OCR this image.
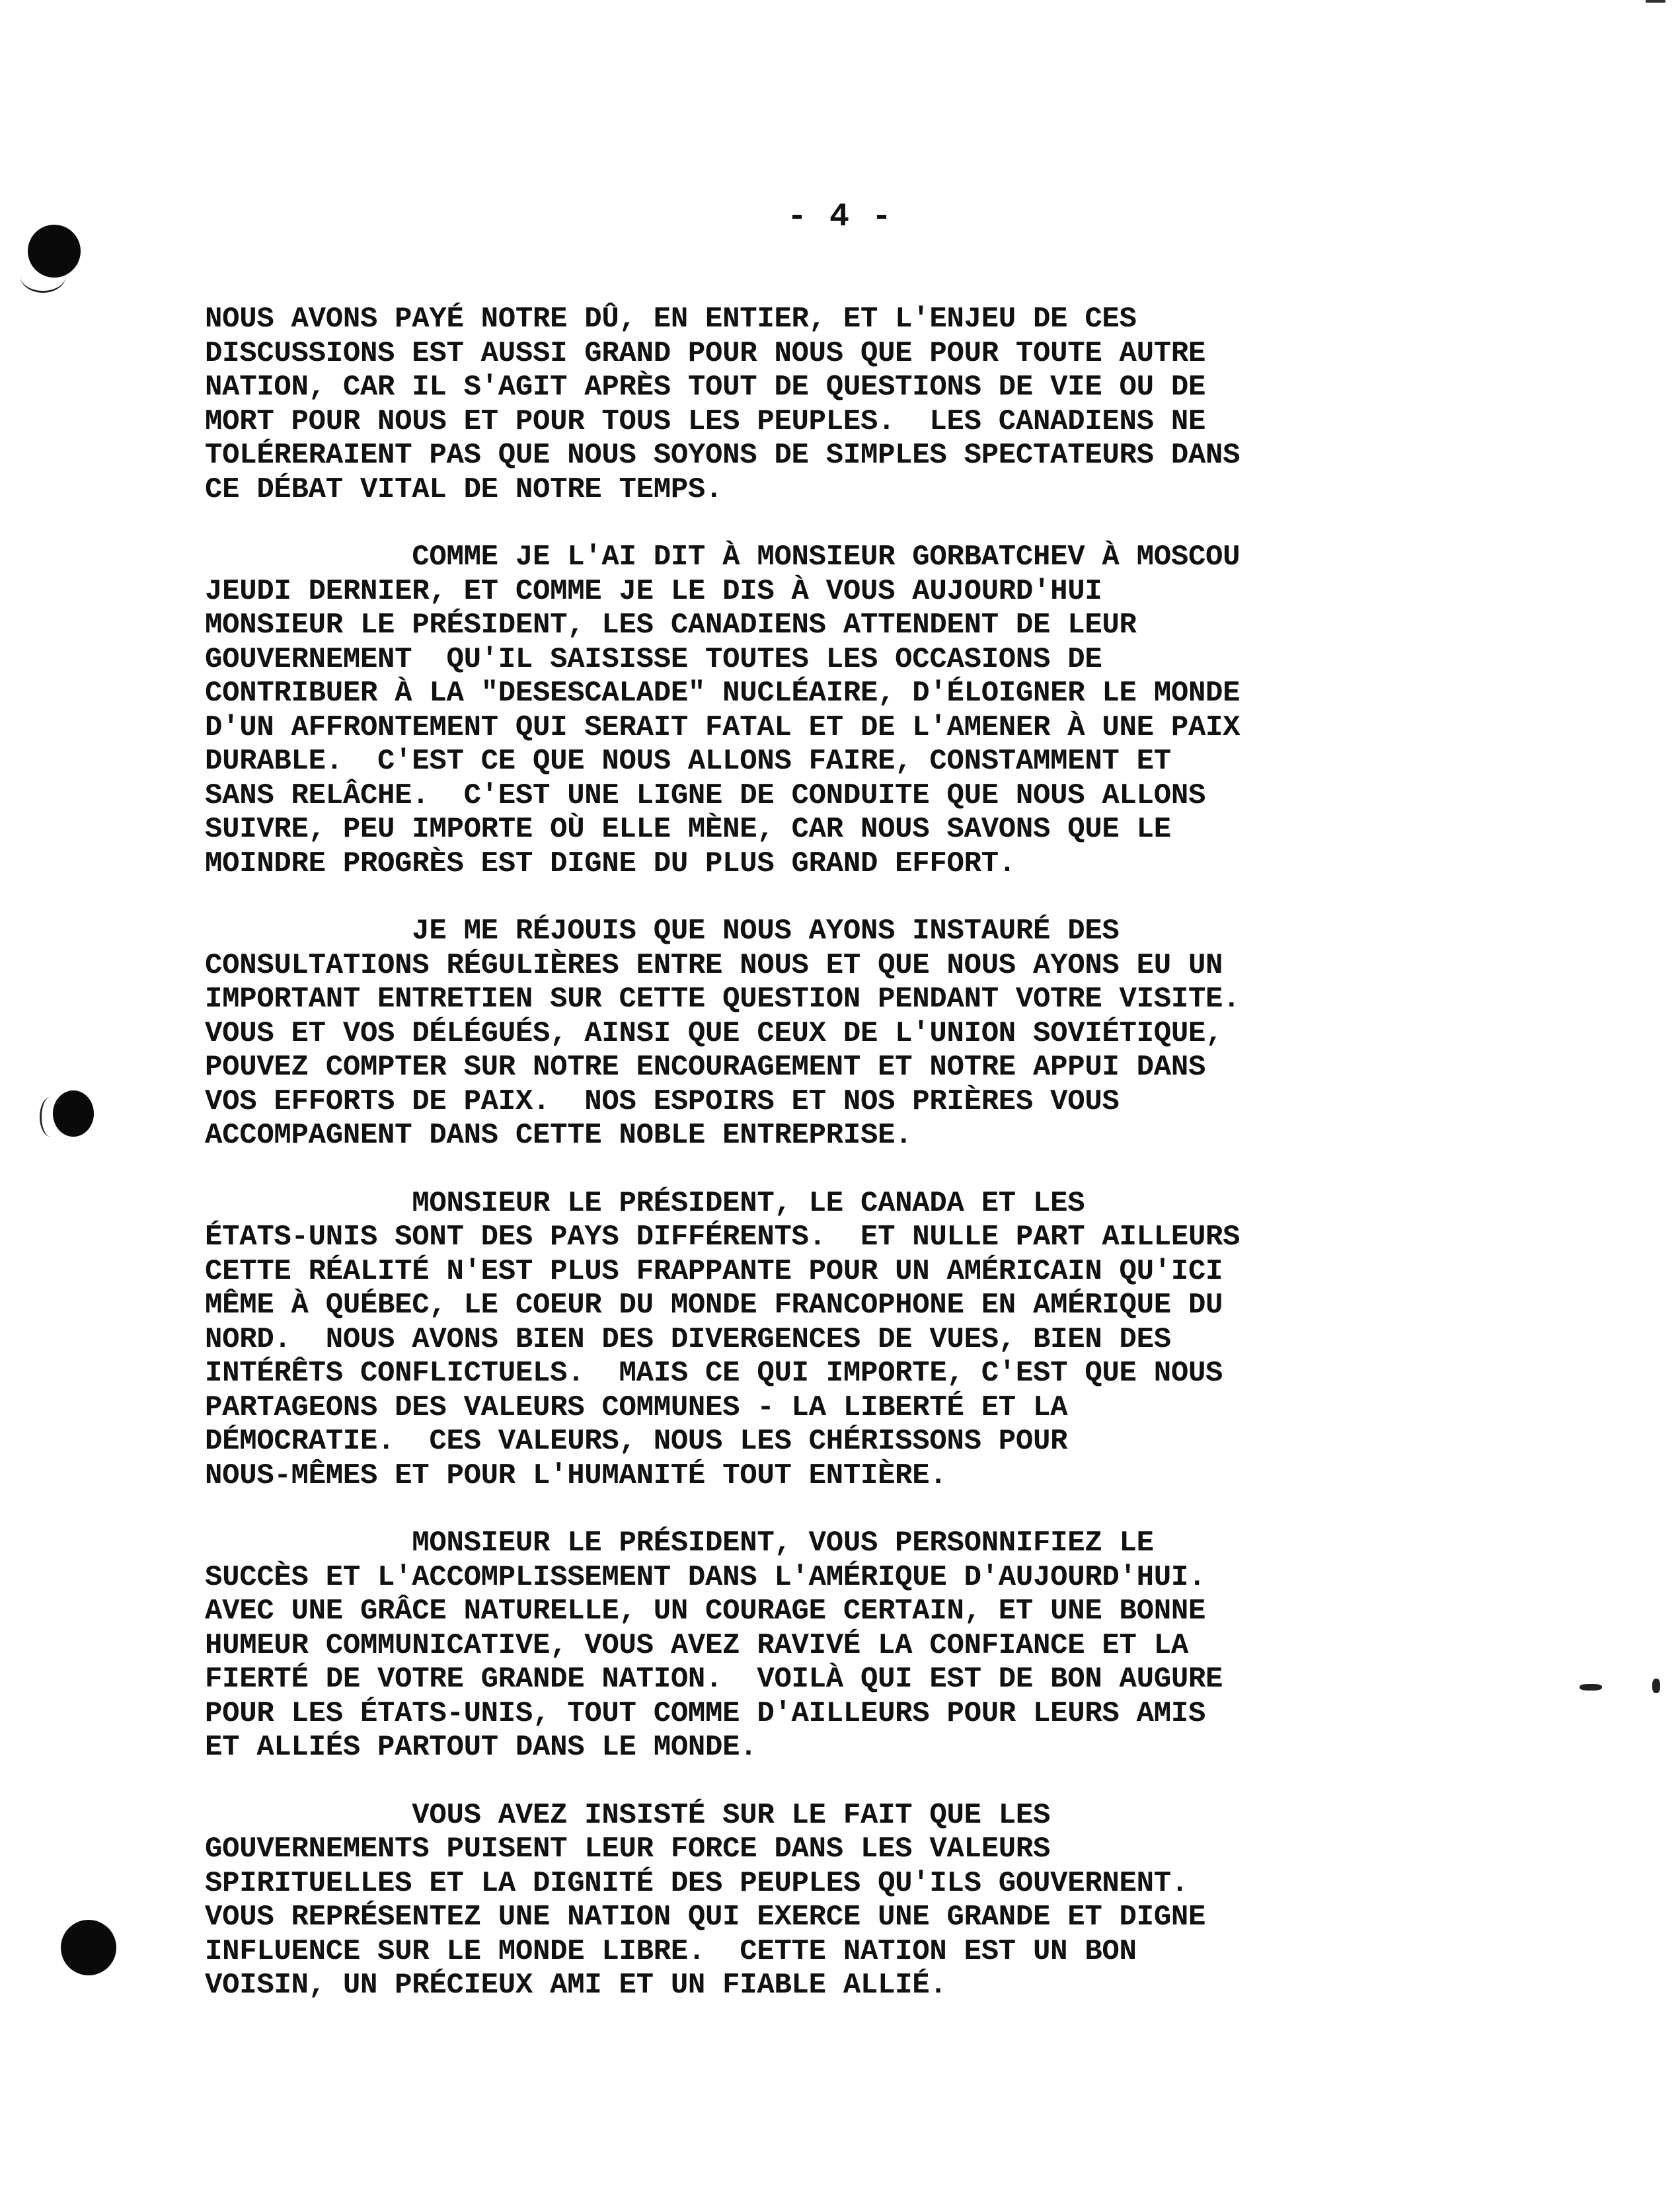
- 4 -
NOUS AVONS PAYÉ NOTRE DÛ, EN ENTIER, ET L'ENJEU DE CES
DISCUSSIONS EST AUSSI GRAND POUR NOUS QUE POUR TOUTE AUTRE
NATION, CAR IL S'AGIT APRÈS TOUT DE QUESTIONS DE VIE OU DE
MORT POUR NOUS ET POUR TOUS LES PEUPLES.  LES CANADIENS NE
TOLÉRERAIENT PAS QUE NOUS SOYONS DE SIMPLES SPECTATEURS DANS
CE DÉBAT VITAL DE NOTRE TEMPS.
COMME JE L'AI DIT À MONSIEUR GORBATCHEV À MOSCOU
JEUDI DERNIER, ET COMME JE LE DIS À VOUS AUJOURD'HUI
MONSIEUR LE PRÉSIDENT, LES CANADIENS ATTENDENT DE LEUR
GOUVERNEMENT  QU'IL SAISISSE TOUTES LES OCCASIONS DE
CONTRIBUER À LA "DESESCALADE" NUCLÉAIRE, D'ÉLOIGNER LE MONDE
D'UN AFFRONTEMENT QUI SERAIT FATAL ET DE L'AMENER À UNE PAIX
DURABLE.  C'EST CE QUE NOUS ALLONS FAIRE, CONSTAMMENT ET
SANS RELÂCHE.  C'EST UNE LIGNE DE CONDUITE QUE NOUS ALLONS
SUIVRE, PEU IMPORTE OÙ ELLE MÈNE, CAR NOUS SAVONS QUE LE
MOINDRE PROGRÈS EST DIGNE DU PLUS GRAND EFFORT.
JE ME RÉJOUIS QUE NOUS AYONS INSTAURÉ DES
CONSULTATIONS RÉGULIÈRES ENTRE NOUS ET QUE NOUS AYONS EU UN
IMPORTANT ENTRETIEN SUR CETTE QUESTION PENDANT VOTRE VISITE.
VOUS ET VOS DÉLÉGUÉS, AINSI QUE CEUX DE L'UNION SOVIÉTIQUE,
POUVEZ COMPTER SUR NOTRE ENCOURAGEMENT ET NOTRE APPUI DANS
VOS EFFORTS DE PAIX.  NOS ESPOIRS ET NOS PRIÈRES VOUS
ACCOMPAGNENT DANS CETTE NOBLE ENTREPRISE.
MONSIEUR LE PRÉSIDENT, LE CANADA ET LES
ÉTATS-UNIS SONT DES PAYS DIFFÉRENTS.  ET NULLE PART AILLEURS
CETTE RÉALITÉ N'EST PLUS FRAPPANTE POUR UN AMÉRICAIN QU'ICI
MÊME À QUÉBEC, LE COEUR DU MONDE FRANCOPHONE EN AMÉRIQUE DU
NORD.  NOUS AVONS BIEN DES DIVERGENCES DE VUES, BIEN DES
INTÉRÊTS CONFLICTUELS.  MAIS CE QUI IMPORTE, C'EST QUE NOUS
PARTAGEONS DES VALEURS COMMUNES - LA LIBERTÉ ET LA
DÉMOCRATIE.  CES VALEURS, NOUS LES CHÉRISSONS POUR
NOUS-MÊMES ET POUR L'HUMANITÉ TOUT ENTIÈRE.
MONSIEUR LE PRÉSIDENT, VOUS PERSONNIFIEZ LE
SUCCÈS ET L'ACCOMPLISSEMENT DANS L'AMÉRIQUE D'AUJOURD'HUI.
AVEC UNE GRÂCE NATURELLE, UN COURAGE CERTAIN, ET UNE BONNE
HUMEUR COMMUNICATIVE, VOUS AVEZ RAVIVÉ LA CONFIANCE ET LA
FIERTÉ DE VOTRE GRANDE NATION.  VOILÀ QUI EST DE BON AUGURE
POUR LES ÉTATS-UNIS, TOUT COMME D'AILLEURS POUR LEURS AMIS
ET ALLIÉS PARTOUT DANS LE MONDE.
VOUS AVEZ INSISTÉ SUR LE FAIT QUE LES
GOUVERNEMENTS PUISENT LEUR FORCE DANS LES VALEURS
SPIRITUELLES ET LA DIGNITÉ DES PEUPLES QU'ILS GOUVERNENT.
VOUS REPRÉSENTEZ UNE NATION QUI EXERCE UNE GRANDE ET DIGNE
INFLUENCE SUR LE MONDE LIBRE.  CETTE NATION EST UN BON
VOISIN, UN PRÉCIEUX AMI ET UN FIABLE ALLIÉ.
